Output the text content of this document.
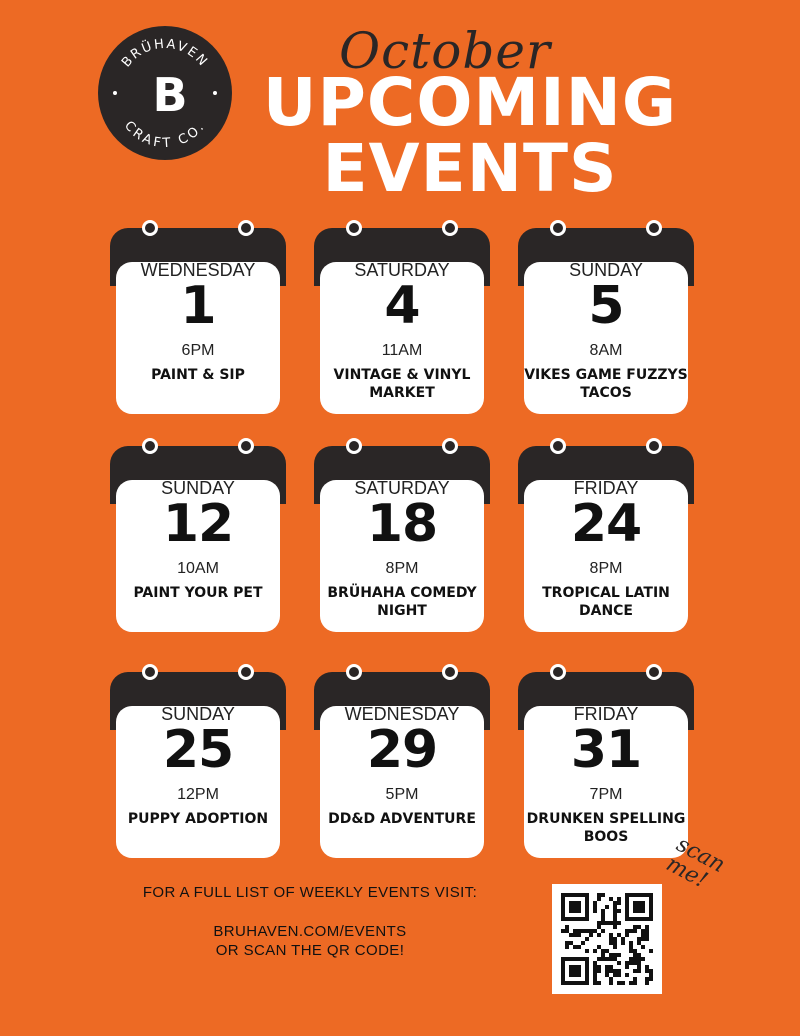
BRÜHAVEN
CRAFT CO.
B
October
UPCOMING
EVENTS
WEDNESDAY
1
6PM
PAINT & SIP
SATURDAY
4
11AM
VINTAGE & VINYL MARKET
SUNDAY
5
8AM
VIKES GAME FUZZYS TACOS
SUNDAY
12
10AM
PAINT YOUR PET
SATURDAY
18
8PM
BRÜHAHA COMEDY NIGHT
FRIDAY
24
8PM
TROPICAL LATIN DANCE
SUNDAY
25
12PM
PUPPY ADOPTION
WEDNESDAY
29
5PM
DD&D ADVENTURE
FRIDAY
31
7PM
DRUNKEN SPELLING BOOS
FOR A FULL LIST OF WEEKLY EVENTS VISIT:
BRUHAVEN.COM/EVENTS
OR SCAN THE QR CODE!
scan me!
